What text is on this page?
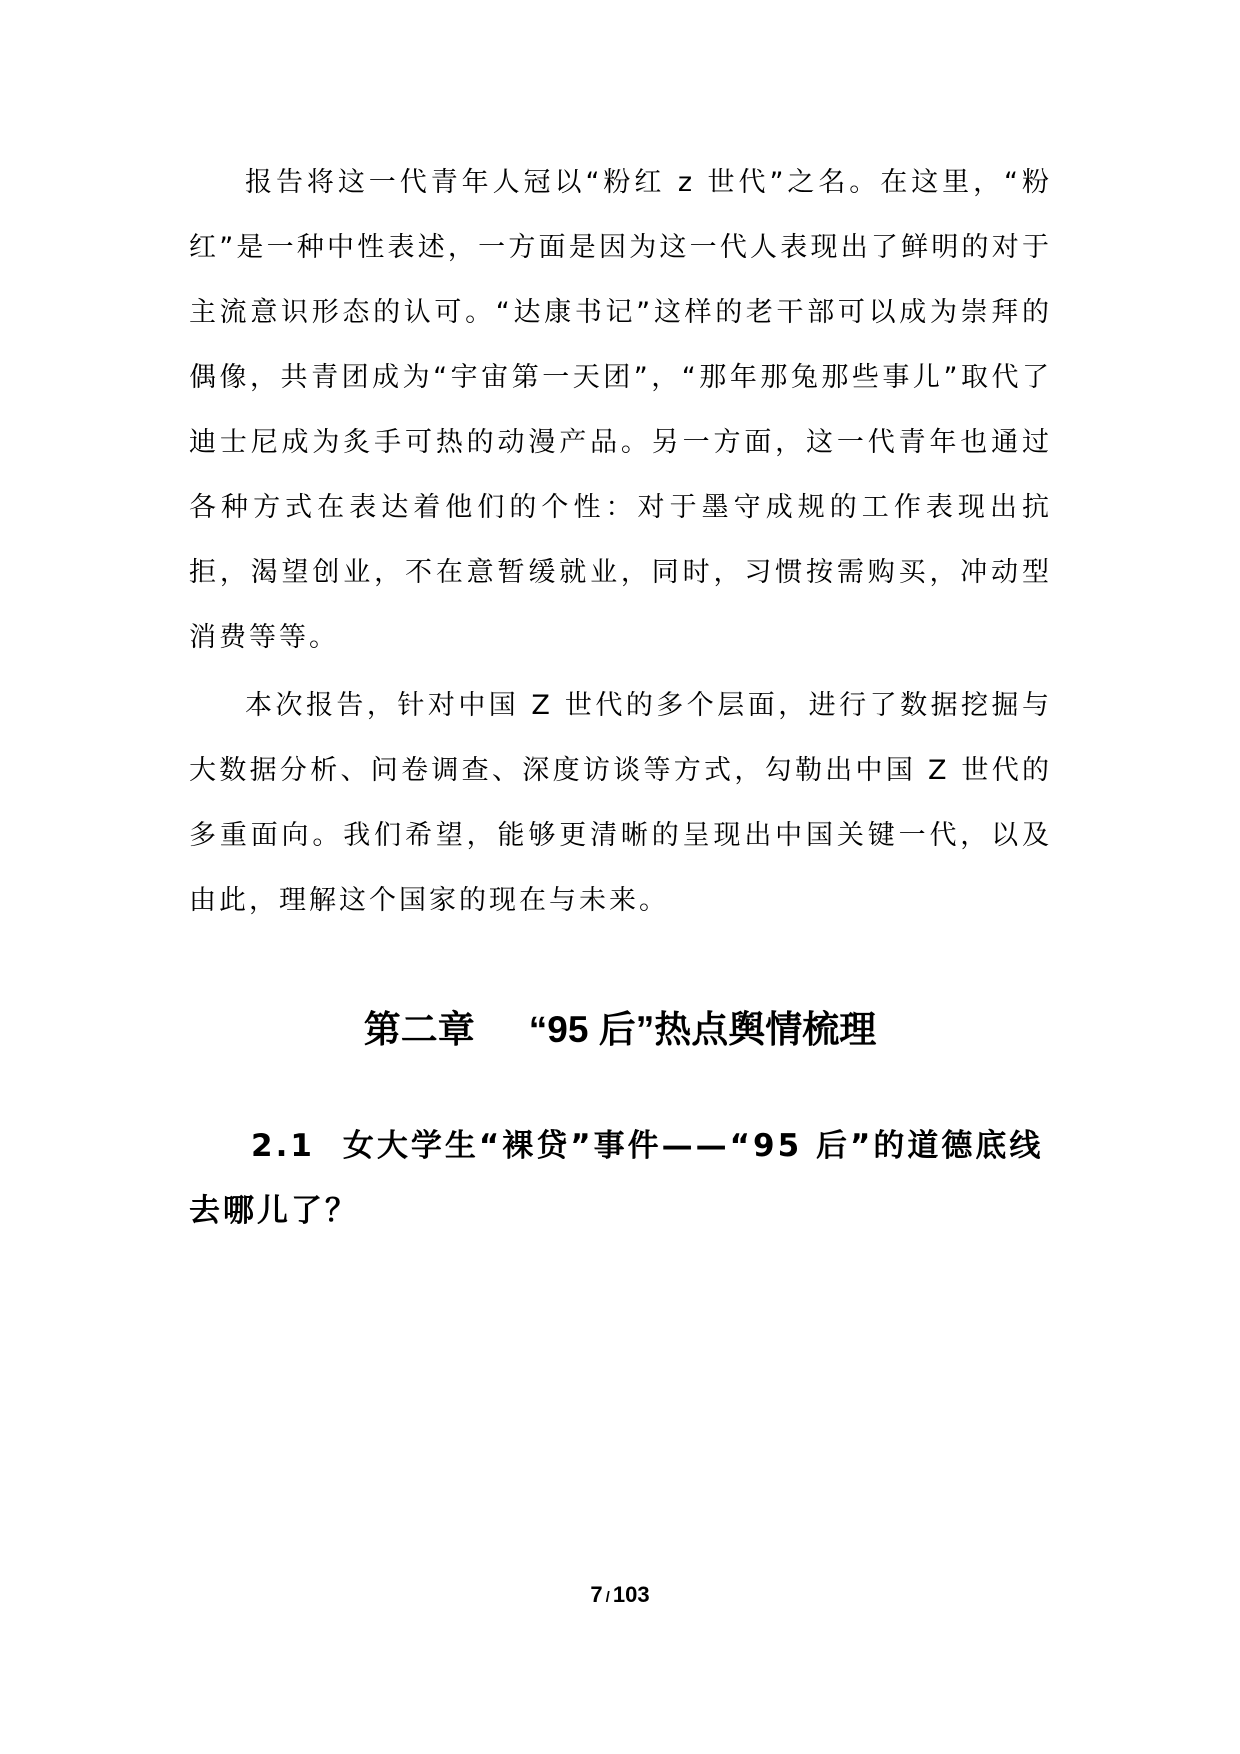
报告将这一代青年人冠以“粉红 z 世代”之名。在这里，“粉红”是一种中性表述，一方面是因为这一代人表现出了鲜明的对于主流意识形态的认可。“达康书记”这样的老干部可以成为崇拜的偶像，共青团成为“宇宙第一天团”，“那年那兔那些事儿”取代了迪士尼成为炙手可热的动漫产品。另一方面，这一代青年也通过各种方式在表达着他们的个性：对于墨守成规的工作表现出抗拒，渴望创业，不在意暂缓就业，同时，习惯按需购买，冲动型消费等等。

本次报告，针对中国 Z 世代的多个层面，进行了数据挖掘与大数据分析、问卷调查、深度访谈等方式，勾勒出中国 Z 世代的多重面向。我们希望，能够更清晰的呈现出中国关键一代，以及由此，理解这个国家的现在与未来。

第二章 “95 后”热点舆情梳理
2.1 女大学生“裸贷”事件——“95 后”的道德底线去哪儿了？
7 / 103
